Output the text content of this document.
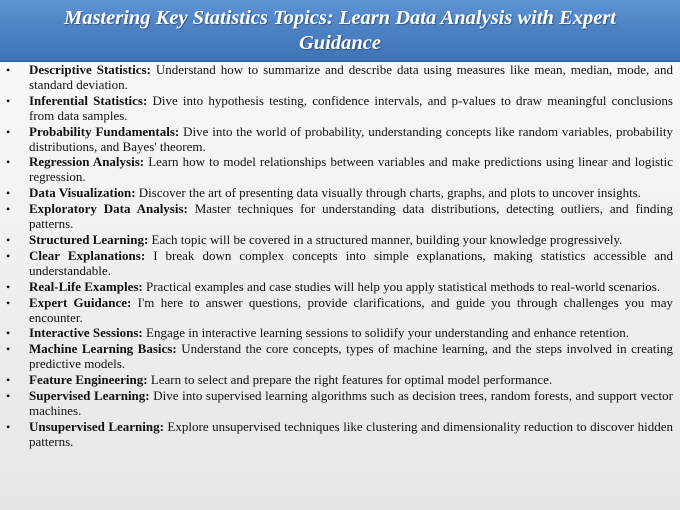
Mastering Key Statistics Topics: Learn Data Analysis with Expert Guidance
• Descriptive Statistics: Understand how to summarize and describe data using measures like mean, median, mode, and standard deviation.
• Inferential Statistics: Dive into hypothesis testing, confidence intervals, and p-values to draw meaningful conclusions from data samples.
• Probability Fundamentals: Dive into the world of probability, understanding concepts like random variables, probability distributions, and Bayes' theorem.
• Regression Analysis: Learn how to model relationships between variables and make predictions using linear and logistic regression.
• Data Visualization: Discover the art of presenting data visually through charts, graphs, and plots to uncover insights.
• Exploratory Data Analysis: Master techniques for understanding data distributions, detecting outliers, and finding patterns.
• Structured Learning: Each topic will be covered in a structured manner, building your knowledge progressively.
• Clear Explanations: I break down complex concepts into simple explanations, making statistics accessible and understandable.
• Real-Life Examples: Practical examples and case studies will help you apply statistical methods to real-world scenarios.
• Expert Guidance: I'm here to answer questions, provide clarifications, and guide you through challenges you may encounter.
• Interactive Sessions: Engage in interactive learning sessions to solidify your understanding and enhance retention.
• Machine Learning Basics: Understand the core concepts, types of machine learning, and the steps involved in creating predictive models.
• Feature Engineering: Learn to select and prepare the right features for optimal model performance.
• Supervised Learning: Dive into supervised learning algorithms such as decision trees, random forests, and support vector machines.
• Unsupervised Learning: Explore unsupervised techniques like clustering and dimensionality reduction to discover hidden patterns.
